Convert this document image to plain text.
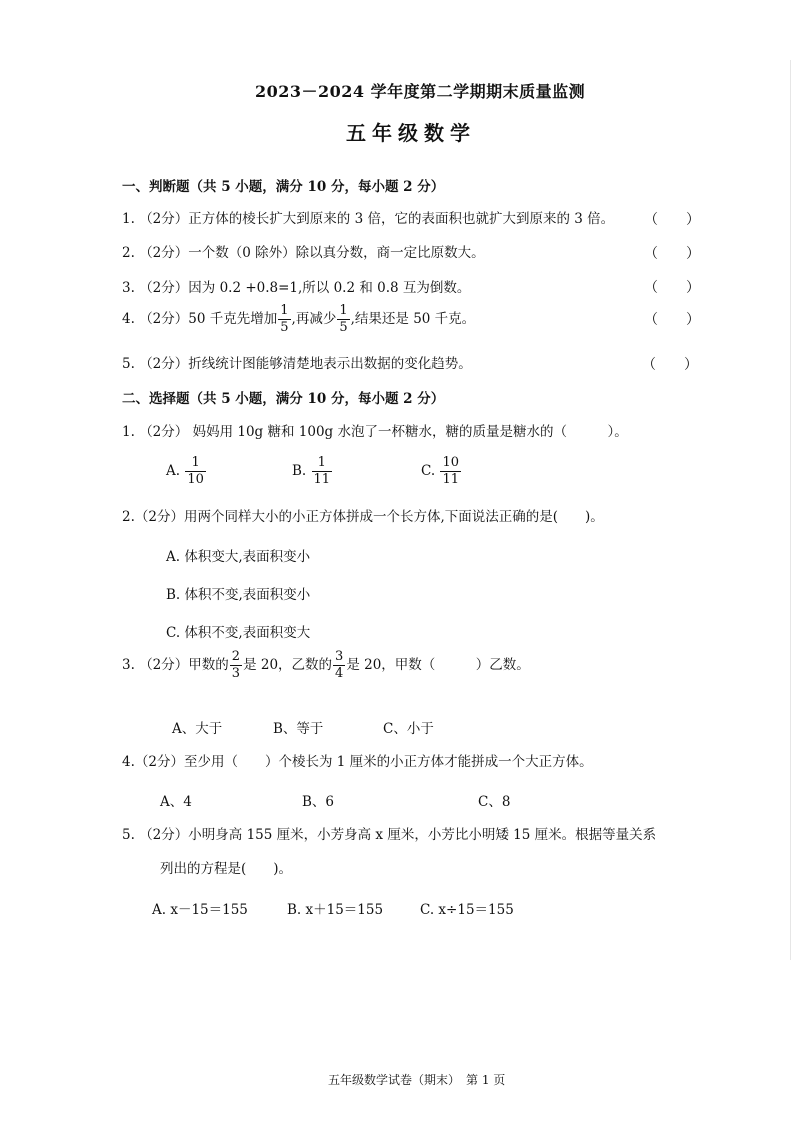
2023－2024 学年度第二学期期末质量监测
五年级数学
一、判断题（共 5 小题，满分 10 分，每小题 2 分）
1. （2分）正方体的棱长扩大到原来的 3 倍，它的表面积也就扩大到原来的 3 倍。 （　　）
2. （2分）一个数（0 除外）除以真分数，商一定比原数大。	（　　）
3. （2分）因为 0.2 +0.8=1,所以 0.2 和 0.8 互为倒数。	（　　）
4. （2分）50 千克先增加 $\frac{1}{5}$ ,再减少 $\frac{1}{5}$ ,结果还是 50 千克。	（　　）
5. （2分）折线统计图能够清楚地表示出数据的变化趋势。	（　　）
二、选择题（共 5 小题，满分 10 分，每小题 2 分）
1. （2分） 妈妈用 10g 糖和 100g 水泡了一杯糖水，糖的质量是糖水的（　　　）。
A. $\frac{1}{10}$	B. $\frac{1}{11}$	C. $\frac{10}{11}$
2.（2分）用两个同样大小的小正方体拼成一个长方体,下面说法正确的是(　　)。
A. 体积变大,表面积变小
B. 体积不变,表面积变小
C. 体积不变,表面积变大
3. （2分）甲数的 $\frac{2}{3}$ 是 20，乙数的 $\frac{3}{4}$ 是 20，甲数（　　　）乙数。
A、大于	B、等于	C、小于
4.（2分）至少用（　　）个棱长为 1 厘米的小正方体才能拼成一个大正方体。
A、4	B、6	C、8
5. （2分）小明身高 155 厘米，小芳身高 x 厘米，小芳比小明矮 15 厘米。根据等量关系
列出的方程是(　　)。
A. x－15＝155	B. x＋15＝155	C. x÷15＝155
五年级数学试卷（期末）　第 1 页
